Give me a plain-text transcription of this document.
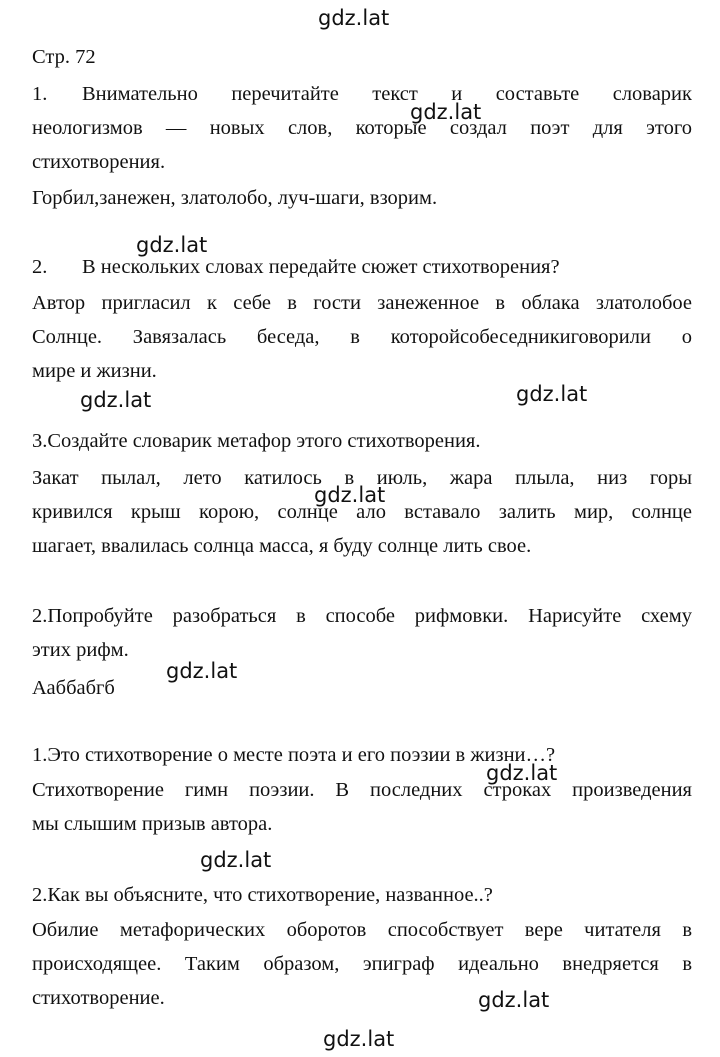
Стр. 72
1. Внимательно перечитайте текст и составьте словарик
неологизмов — новых слов, которые создал поэт для этого
стихотворения.
Горбил,занежен, златолобо, луч-шаги, взорим.
2. В нескольких словах передайте сюжет стихотворения?
Автор пригласил к себе в гости занеженное в облака златолобое
Солнце. Завязалась беседа, в которойсобеседникиговорили о
мире и жизни.
3.Создайте словарик метафор этого стихотворения.
Закат пылал, лето катилось в июль, жара плыла, низ горы
кривился крыш корою, солнце ало вставало залить мир, солнце
шагает, ввалилась солнца масса, я буду солнце лить свое.
2.Попробуйте разобраться в способе рифмовки. Нарисуйте схему
этих рифм.
Ааббабгб
1.Это стихотворение о месте поэта и его поэзии в жизни…?
Стихотворение гимн поэзии. В последних строках произведения
мы слышим призыв автора.
2.Как вы объясните, что стихотворение, названное..?
Обилие метафорических оборотов способствует вере читателя в
происходящее. Таким образом, эпиграф идеально внедряется в
стихотворение.
gdz.lat
gdz.lat
gdz.lat
gdz.lat	gdz.lat
gdz.lat
gdz.lat
gdz.lat
gdz.lat
gdz.lat
gdz.lat
